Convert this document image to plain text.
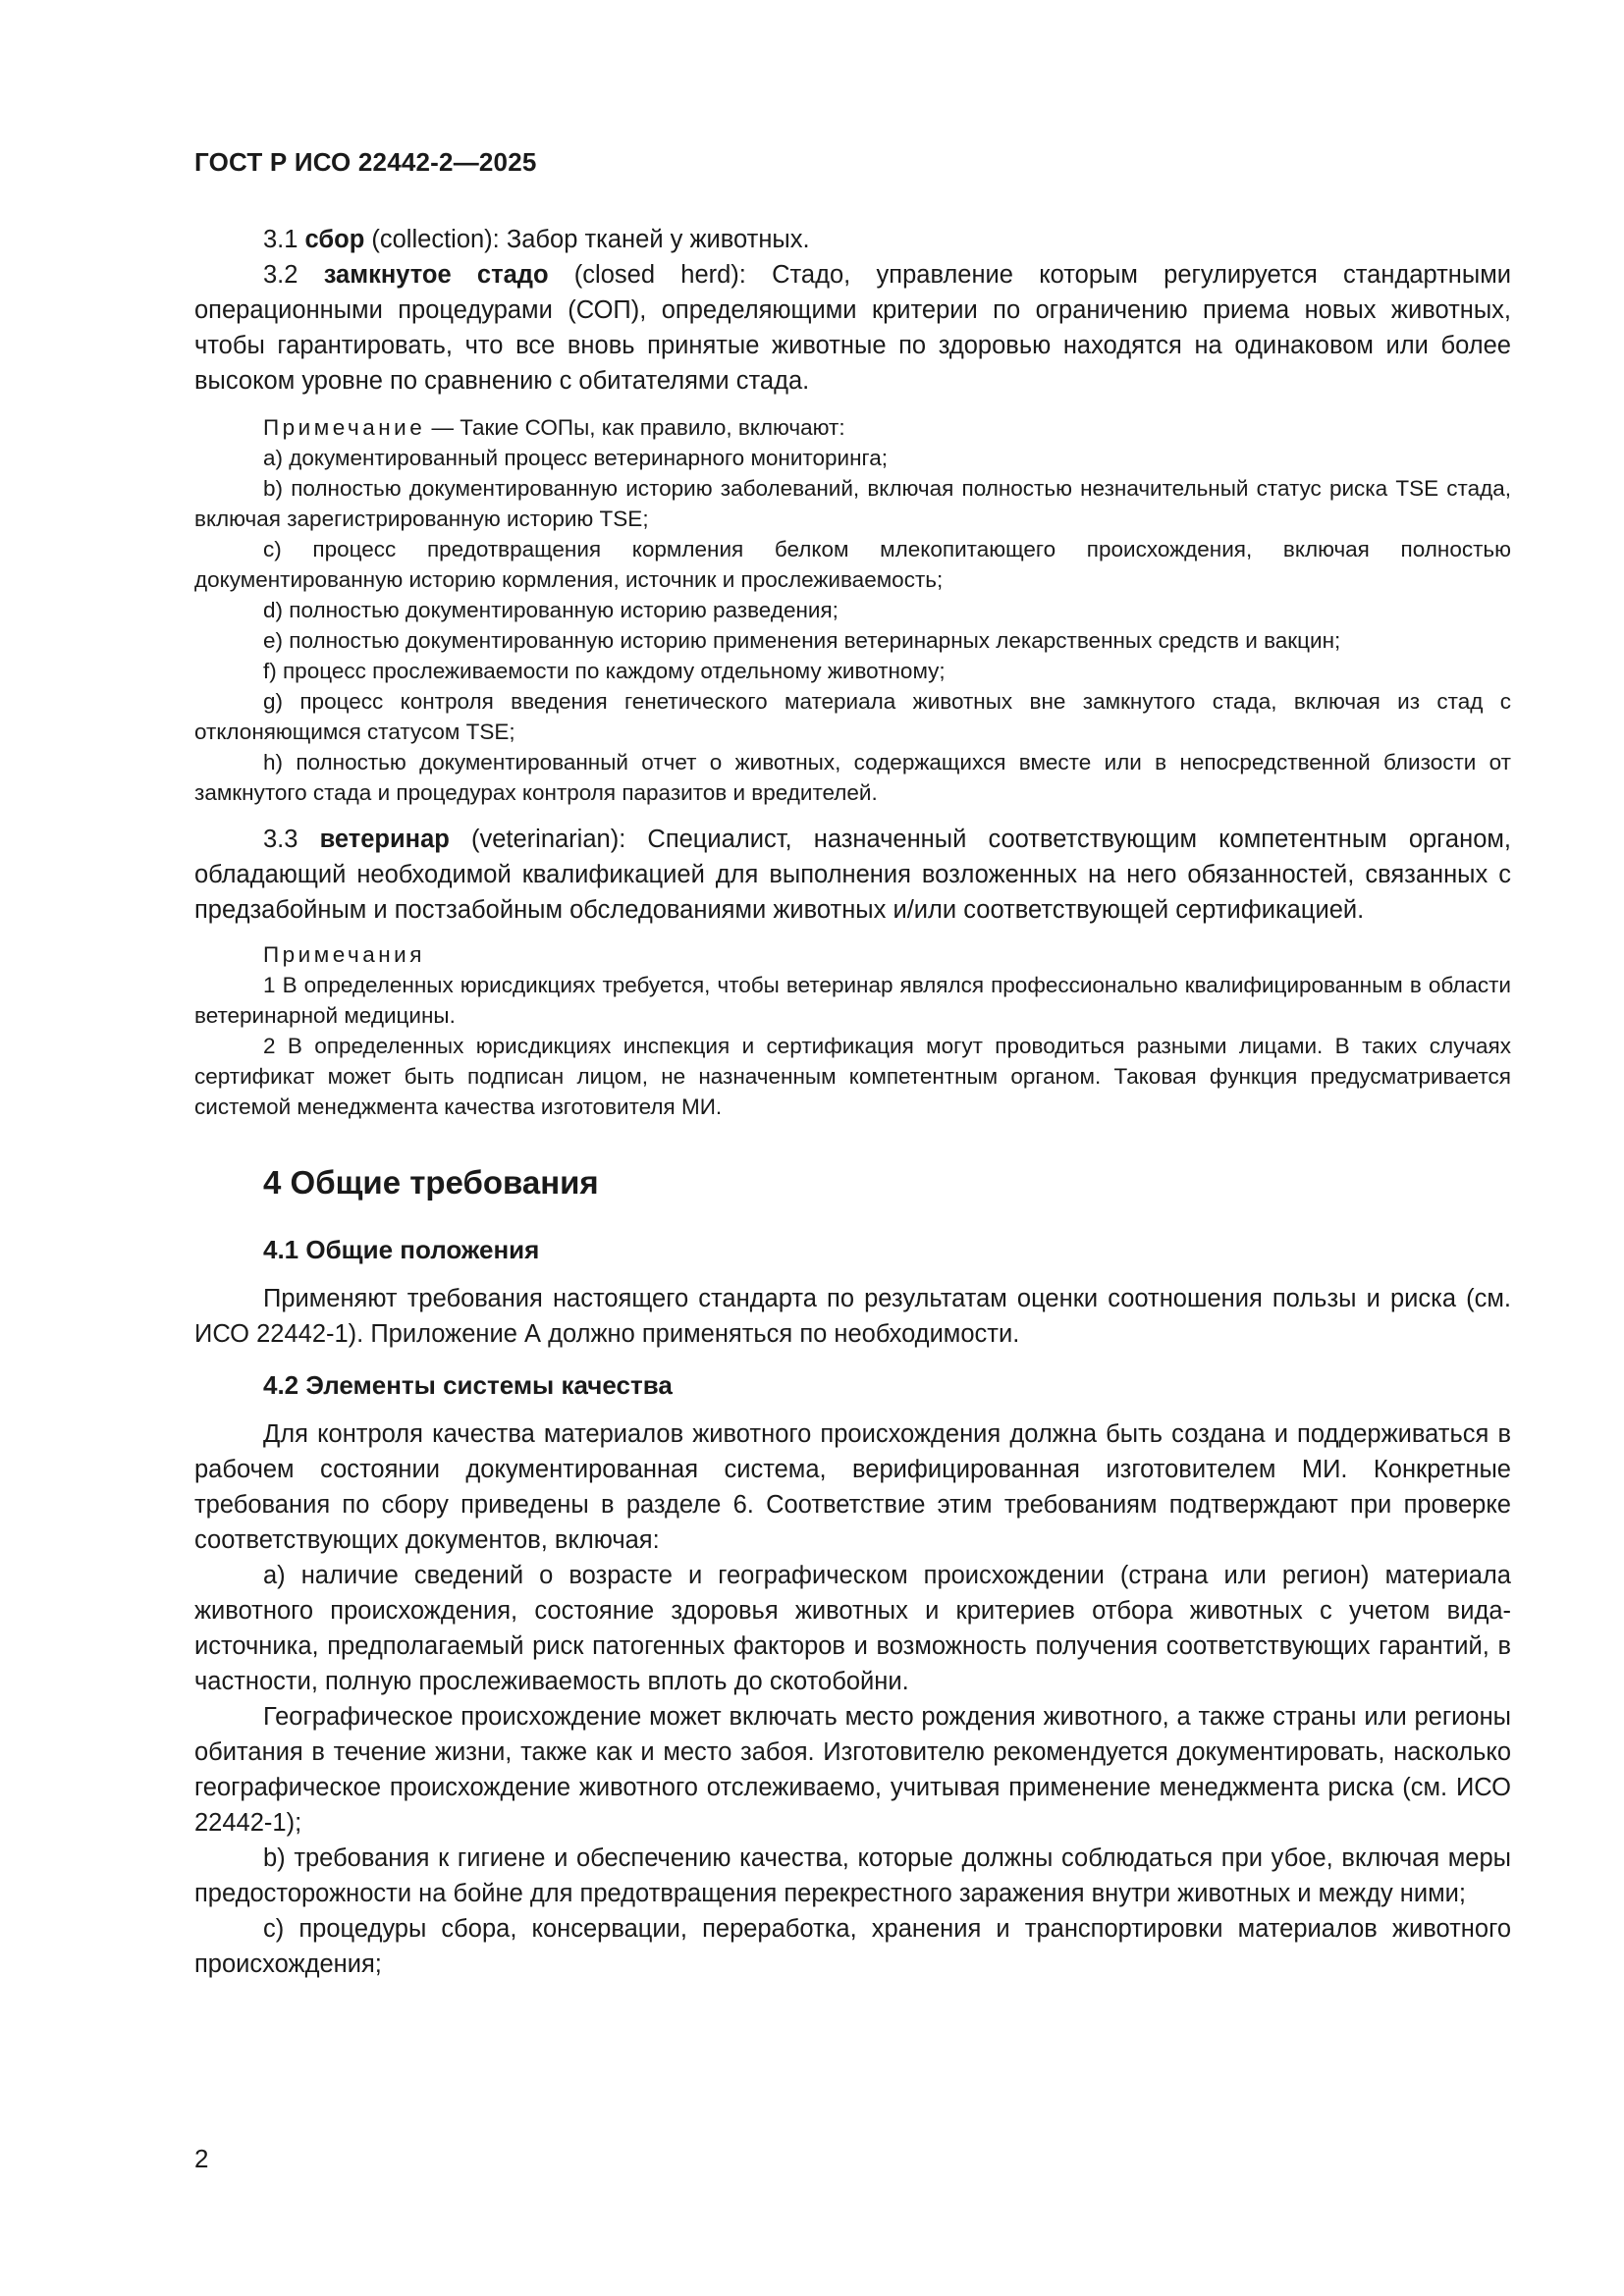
ГОСТ Р ИСО 22442-2—2025

3.1 сбор (collection): Забор тканей у животных.

3.2 замкнутое стадо (closed herd): Стадо, управление которым регулируется стандартными операционными процедурами (СОП), определяющими критерии по ограничению приема новых животных, чтобы гарантировать, что все вновь принятые животные по здоровью находятся на одинаковом или более высоком уровне по сравнению с обитателями стада.

Примечание — Такие СОПы, как правило, включают:

a) документированный процесс ветеринарного мониторинга;

b) полностью документированную историю заболеваний, включая полностью незначительный статус риска TSE стада, включая зарегистрированную историю TSE;

c) процесс предотвращения кормления белком млекопитающего происхождения, включая полностью документированную историю кормления, источник и прослеживаемость;

d) полностью документированную историю разведения;

e) полностью документированную историю применения ветеринарных лекарственных средств и вакцин;

f) процесс прослеживаемости по каждому отдельному животному;

g) процесс контроля введения генетического материала животных вне замкнутого стада, включая из стад с отклоняющимся статусом TSE;

h) полностью документированный отчет о животных, содержащихся вместе или в непосредственной близости от замкнутого стада и процедурах контроля паразитов и вредителей.

3.3 ветеринар (veterinarian): Специалист, назначенный соответствующим компетентным органом, обладающий необходимой квалификацией для выполнения возложенных на него обязанностей, связанных с предзабойным и постзабойным обследованиями животных и/или соответствующей сертификацией.

Примечания

1 В определенных юрисдикциях требуется, чтобы ветеринар являлся профессионально квалифицированным в области ветеринарной медицины.

2 В определенных юрисдикциях инспекция и сертификация могут проводиться разными лицами. В таких случаях сертификат может быть подписан лицом, не назначенным компетентным органом. Таковая функция предусматривается системой менеджмента качества изготовителя МИ.

4 Общие требования
4.1 Общие положения

Применяют требования настоящего стандарта по результатам оценки соотношения пользы и риска (см. ИСО 22442-1). Приложение А должно применяться по необходимости.

4.2 Элементы системы качества

Для контроля качества материалов животного происхождения должна быть создана и поддерживаться в рабочем состоянии документированная система, верифицированная изготовителем МИ. Конкретные требования по сбору приведены в разделе 6. Соответствие этим требованиям подтверждают при проверке соответствующих документов, включая:

a) наличие сведений о возрасте и географическом происхождении (страна или регион) материала животного происхождения, состояние здоровья животных и критериев отбора животных с учетом вида-источника, предполагаемый риск патогенных факторов и возможность получения соответствующих гарантий, в частности, полную прослеживаемость вплоть до скотобойни.

Географическое происхождение может включать место рождения животного, а также страны или регионы обитания в течение жизни, также как и место забоя. Изготовителю рекомендуется документировать, насколько географическое происхождение животного отслеживаемо, учитывая применение менеджмента риска (см. ИСО 22442-1);

b) требования к гигиене и обеспечению качества, которые должны соблюдаться при убое, включая меры предосторожности на бойне для предотвращения перекрестного заражения внутри животных и между ними;

c) процедуры сбора, консервации, переработка, хранения и транспортировки материалов животного происхождения;

2
